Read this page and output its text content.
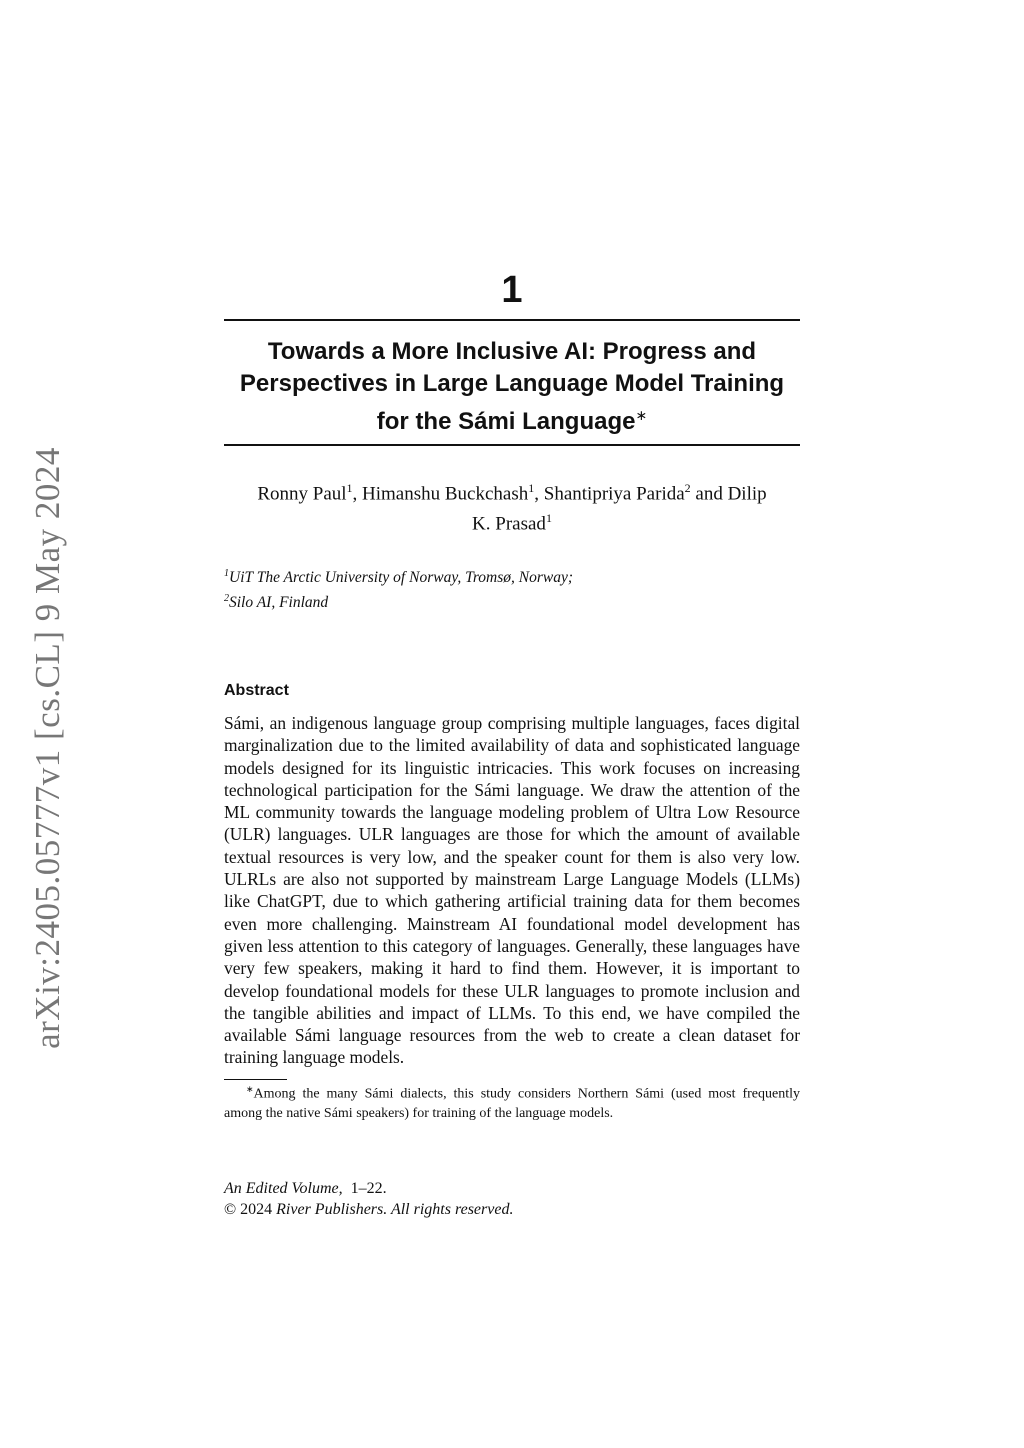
arXiv:2405.05777v1 [cs.CL] 9 May 2024
1
Towards a More Inclusive AI: Progress and
Perspectives in Large Language Model Training
for the Sámi Language∗
Ronny Paul$^1$, Himanshu Buckchash$^1$, Shantipriya Parida$^2$ and Dilip
K. Prasad$^1$
$^1$UiT The Arctic University of Norway, Tromsø, Norway;
$^2$Silo AI, Finland
Abstract
Sámi, an indigenous language group comprising multiple languages, faces digital marginalization due to the limited availability of data and sophisticated language models designed for its linguistic intricacies. This work focuses on increasing technological participation for the Sámi language. We draw the attention of the ML community towards the language modeling problem of Ultra Low Resource (ULR) languages. ULR languages are those for which the amount of available textual resources is very low, and the speaker count for them is also very low. ULRLs are also not supported by mainstream Large Language Models (LLMs) like ChatGPT, due to which gathering artificial training data for them becomes even more challenging. Mainstream AI foundational model development has given less attention to this category of languages. Generally, these languages have very few speakers, making it hard to find them. However, it is important to develop foundational models for these ULR languages to promote inclusion and the tangible abilities and impact of LLMs. To this end, we have compiled the available Sámi language resources from the web to create a clean dataset for training language models.
∗Among the many Sámi dialects, this study considers Northern Sámi (used most frequently among the native Sámi speakers) for training of the language models.
An Edited Volume, 1–22.
© 2024 River Publishers. All rights reserved.
